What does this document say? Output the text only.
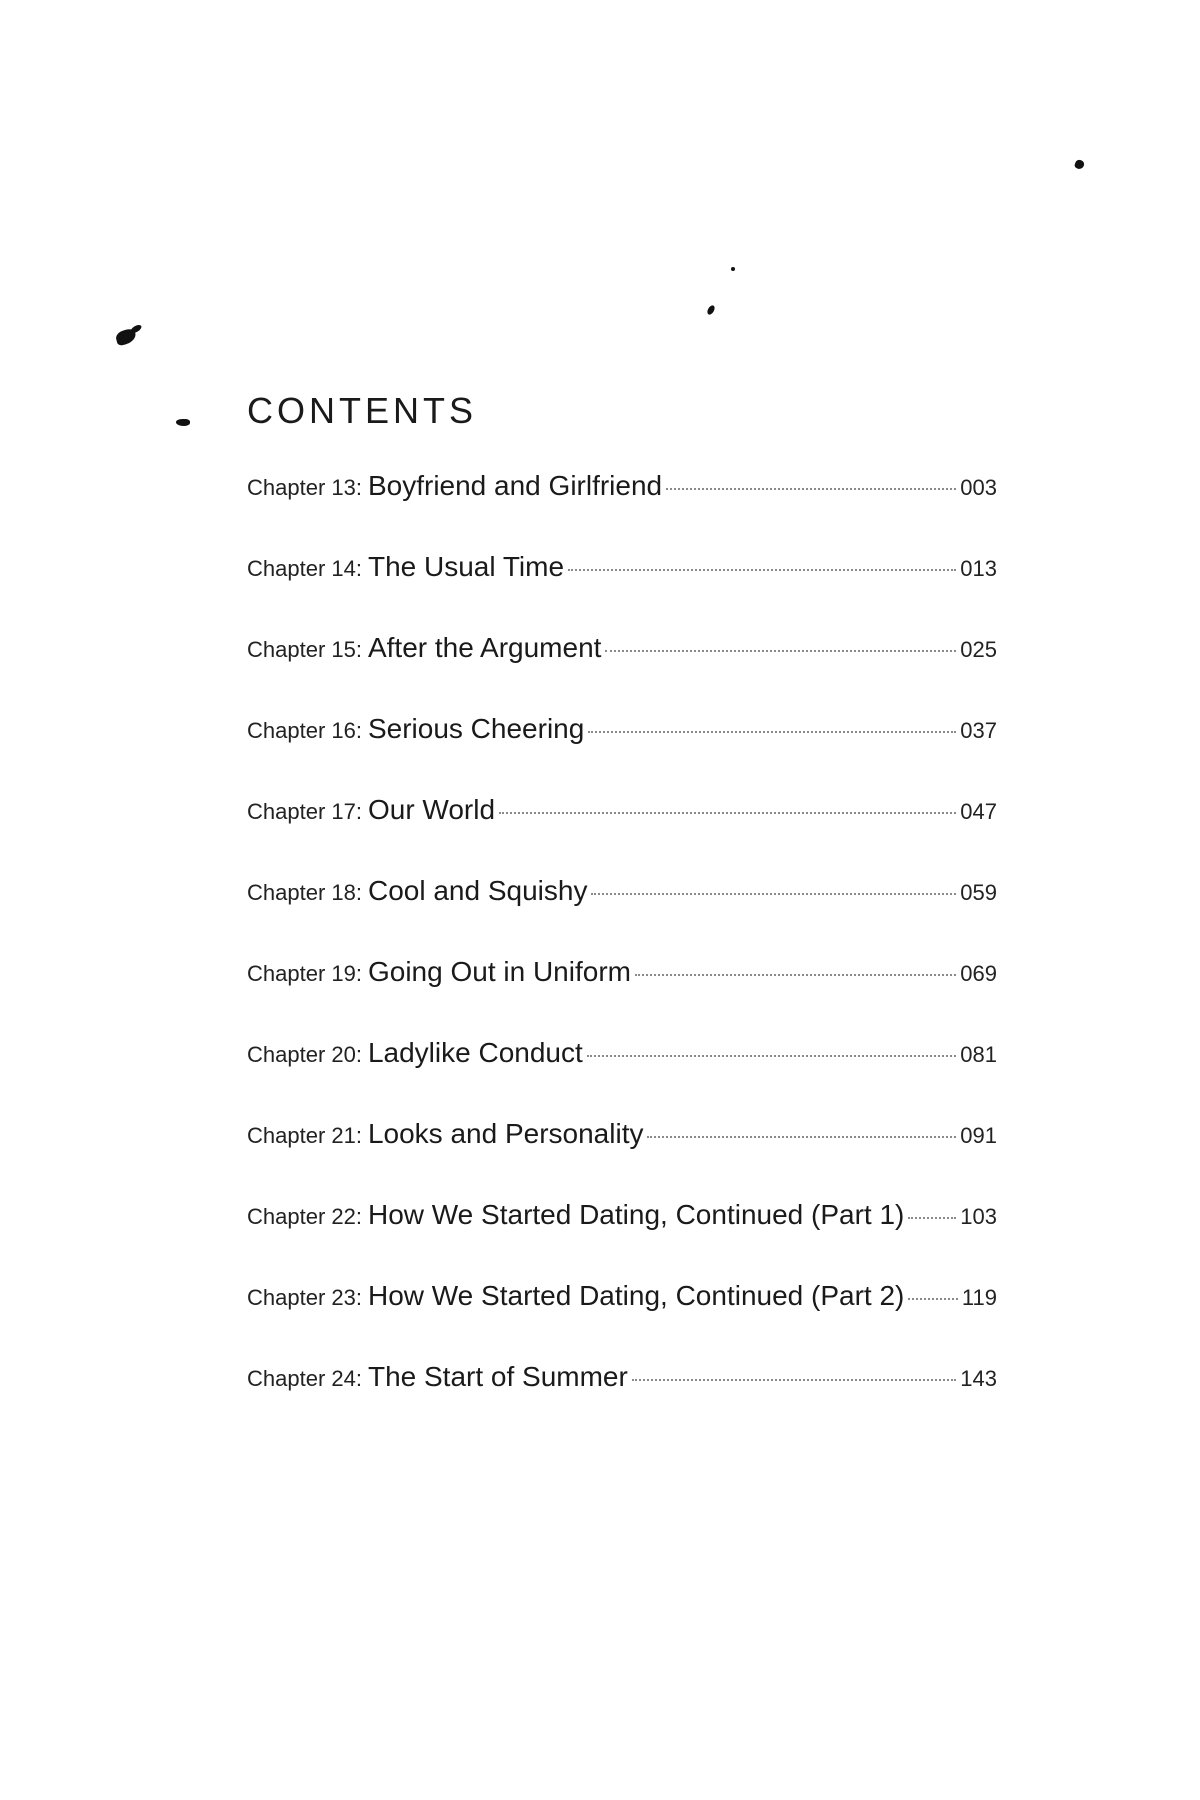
CONTENTS
Chapter 13: Boyfriend and Girlfriend	003
Chapter 14: The Usual Time	013
Chapter 15: After the Argument	025
Chapter 16: Serious Cheering	037
Chapter 17: Our World	047
Chapter 18: Cool and Squishy	059
Chapter 19: Going Out in Uniform	069
Chapter 20: Ladylike Conduct	081
Chapter 21: Looks and Personality	091
Chapter 22: How We Started Dating, Continued (Part 1)	103
Chapter 23: How We Started Dating, Continued (Part 2)	119
Chapter 24: The Start of Summer	143
